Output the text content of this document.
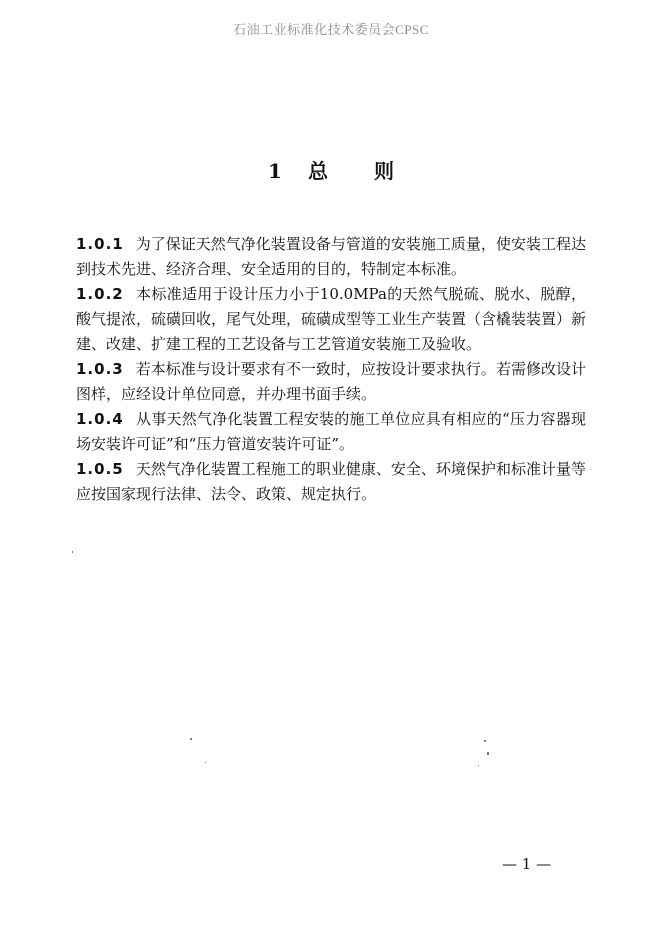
石油工业标准化技术委员会CPSC
1 总 则

1.0.1 为了保证天然气净化装置设备与管道的安装施工质量，使安装工程达到技术先进、经济合理、安全适用的目的，特制定本标准。

1.0.2 本标准适用于设计压力小于10.0MPa的天然气脱硫、脱水、脱醇，酸气提浓，硫磺回收，尾气处理，硫磺成型等工业生产装置（含橇装装置）新建、改建、扩建工程的工艺设备与工艺管道安装施工及验收。

1.0.3 若本标准与设计要求有不一致时，应按设计要求执行。若需修改设计图样，应经设计单位同意，并办理书面手续。

1.0.4 从事天然气净化装置工程安装的施工单位应具有相应的“压力容器现场安装许可证”和“压力管道安装许可证”。

1.0.5 天然气净化装置工程施工的职业健康、安全、环境保护和标准计量等应按国家现行法律、法令、政策、规定执行。

— 1 —
